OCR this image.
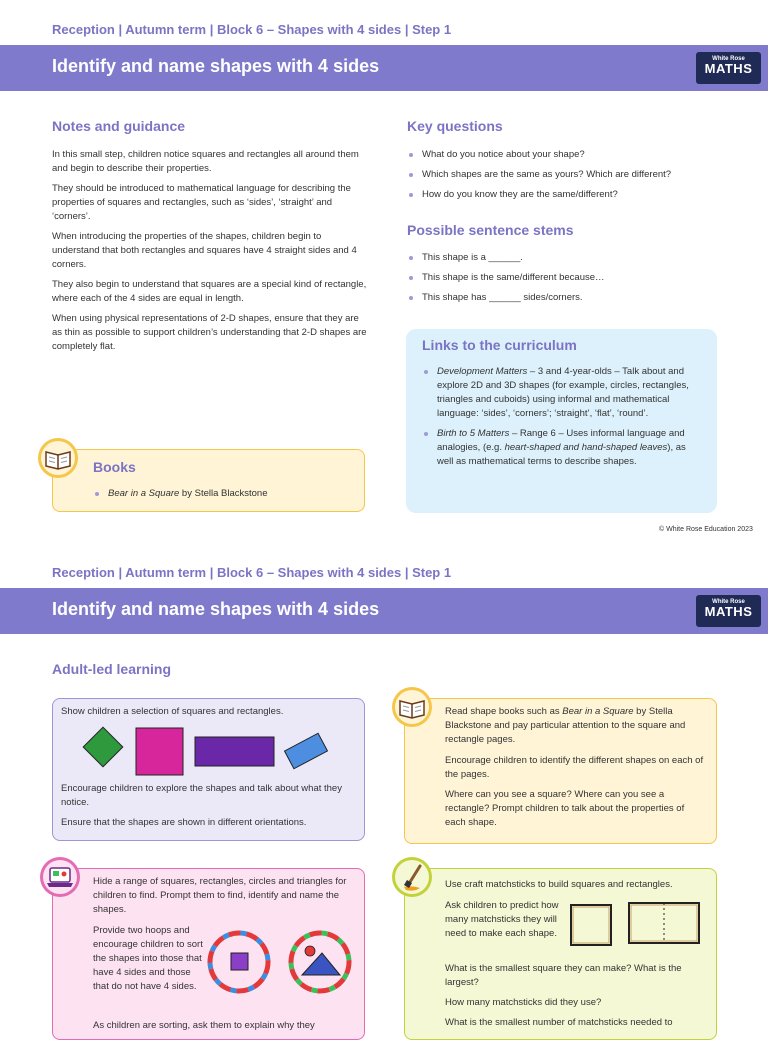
Reception | Autumn term | Block 6 – Shapes with 4 sides | Step 1
Identify and name shapes with 4 sides	White Rose
MATHS
Notes and guidance

In this small step, children notice squares and rectangles all around them and begin to describe their properties.

They should be introduced to mathematical language for describing the properties of squares and rectangles, such as ‘sides’, ‘straight’ and ‘corners’.

When introducing the properties of the shapes, children begin to understand that both rectangles and squares have 4 straight sides and 4 corners.

They also begin to understand that squares are a special kind of rectangle, where each of the 4 sides are equal in length.

When using physical representations of 2-D shapes, ensure that they are as thin as possible to support children’s understanding that 2-D shapes are completely flat.

Key questions
What do you notice about your shape?
Which shapes are the same as yours? Which are different?
How do you know they are the same/different?
Possible sentence stems
This shape is a ______.
This shape is the same/different because…
This shape has ______ sides/corners.
Links to the curriculum
Development Matters – 3 and 4-year-olds – Talk about and explore 2D and 3D shapes (for example, circles, rectangles, triangles and cuboids) using informal and mathematical language: ‘sides’, ‘corners’; ‘straight’, ‘flat’, ‘round’.
Birth to 5 Matters – Range 6 – Uses informal language and analogies, (e.g. heart-shaped and hand-shaped leaves), as well as mathematical terms to describe shapes.
Books
Bear in a Square by Stella Blackstone
© White Rose Education 2023
Reception | Autumn term | Block 6 – Shapes with 4 sides | Step 1
Identify and name shapes with 4 sides	White Rose
MATHS
Adult-led learning

Show children a selection of squares and rectangles.

Encourage children to explore the shapes and talk about what they notice.

Ensure that the shapes are shown in different orientations.

Read shape books such as Bear in a Square by Stella Blackstone and pay particular attention to the square and rectangle pages.

Encourage children to identify the different shapes on each of the pages.

Where can you see a square? Where can you see a rectangle? Prompt children to talk about the properties of each shape.

Hide a range of squares, rectangles, circles and triangles for children to find. Prompt them to find, identify and name the shapes.

Provide two hoops and encourage children to sort the shapes into those that have 4 sides and those that do not have 4 sides.

As children are sorting, ask them to explain why they

Use craft matchsticks to build squares and rectangles.

Ask children to predict how many matchsticks they will need to make each shape.

What is the smallest square they can make? What is the largest?

How many matchsticks did they use?

What is the smallest number of matchsticks needed to
